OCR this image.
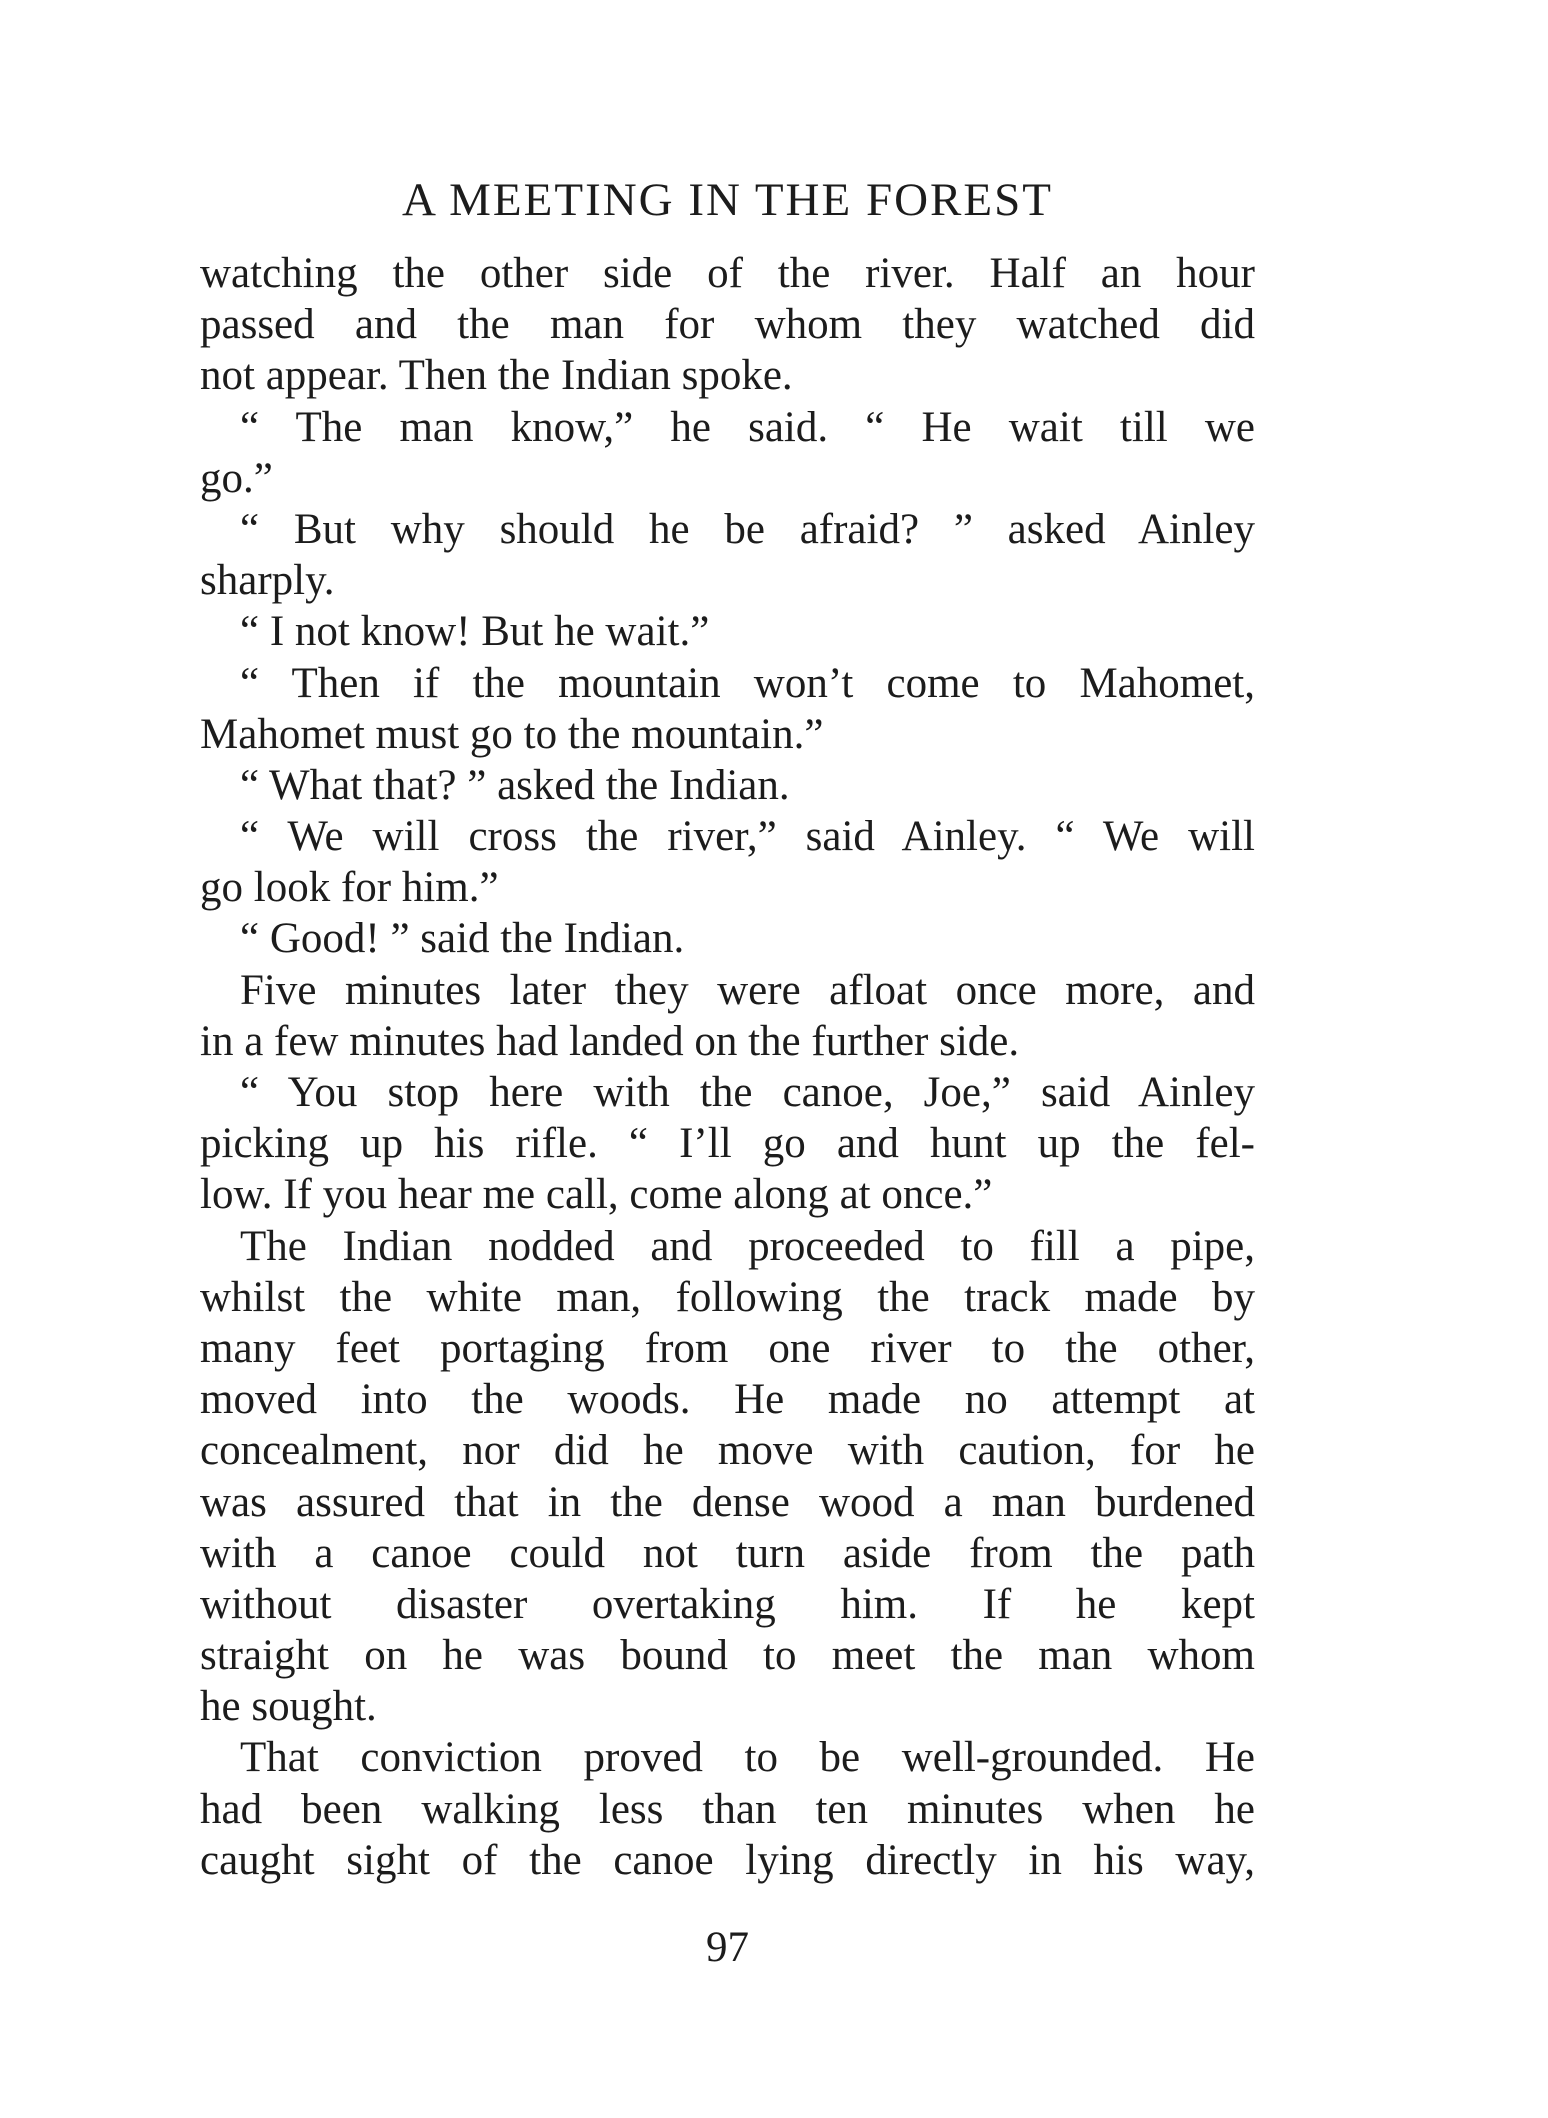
A MEETING IN THE FOREST
watching the other side of the river. Half an hour
passed and the man for whom they watched did
not appear. Then the Indian spoke.
“ The man know,” he said. “ He wait till we
go.”
“ But why should he be afraid? ” asked Ainley
sharply.
“ I not know! But he wait.”
“ Then if the mountain won’t come to Mahomet,
Mahomet must go to the mountain.”
“ What that? ” asked the Indian.
“ We will cross the river,” said Ainley. “ We will
go look for him.”
“ Good! ” said the Indian.
Five minutes later they were afloat once more, and
in a few minutes had landed on the further side.
“ You stop here with the canoe, Joe,” said Ainley
picking up his rifle. “ I’ll go and hunt up the fel-
low. If you hear me call, come along at once.”
The Indian nodded and proceeded to fill a pipe,
whilst the white man, following the track made by
many feet portaging from one river to the other,
moved into the woods. He made no attempt at
concealment, nor did he move with caution, for he
was assured that in the dense wood a man burdened
with a canoe could not turn aside from the path
without disaster overtaking him. If he kept
straight on he was bound to meet the man whom
he sought.
That conviction proved to be well-grounded. He
had been walking less than ten minutes when he
caught sight of the canoe lying directly in his way,
97
